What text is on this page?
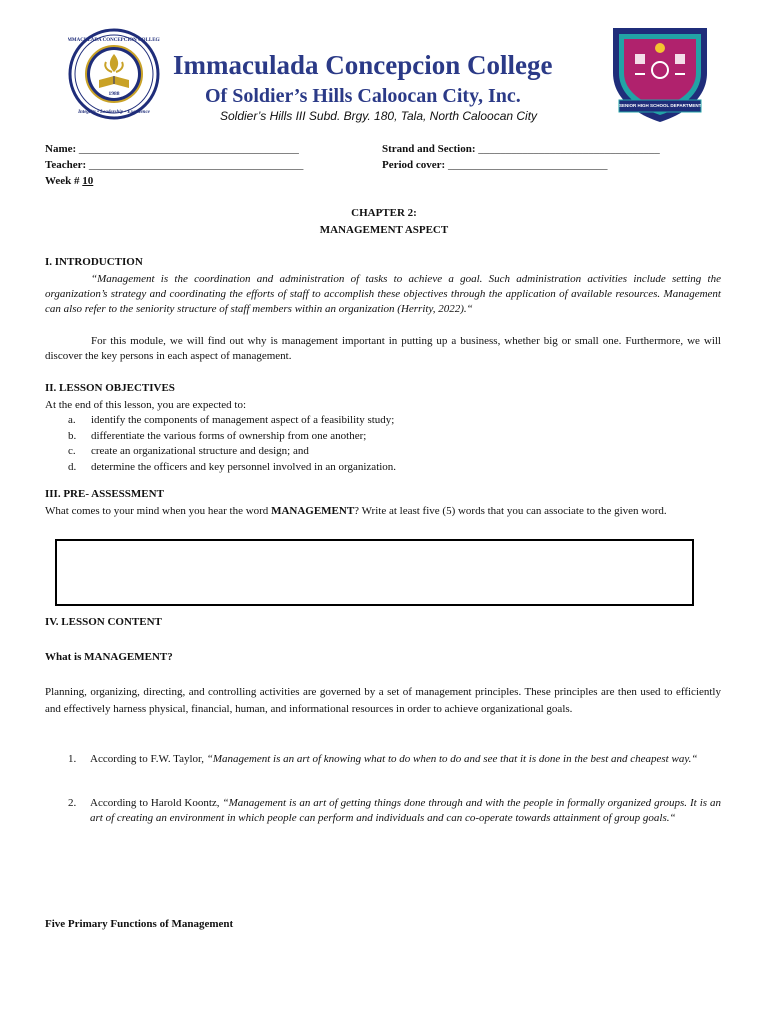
IMMACULADA CONCEPCION COLLEGE
Integrity • Leadership • Excellence
1988
Immaculada Concepcion College
Of Soldier’s Hills Caloocan City, Inc.
Soldier’s Hills III Subd. Brgy. 180, Tala, North Caloocan City
SENIOR HIGH SCHOOL DEPARTMENT
Name: ________________________________________
Teacher: _______________________________________
Week # 10
Strand and Section: _________________________________
Period cover: _____________________________
CHAPTER 2:
MANAGEMENT ASPECT
I. INTRODUCTION
“Management is the coordination and administration of tasks to achieve a goal. Such administration activities include setting the organization’s strategy and coordinating the efforts of staff to accomplish these objectives through the application of available resources. Management can also refer to the seniority structure of staff members within an organization (Herrity, 2022).“
For this module, we will find out why is management important in putting up a business, whether big or small one. Furthermore, we will discover the key persons in each aspect of management.
II. LESSON OBJECTIVES
At the end of this lesson, you are expected to:
a. identify the components of management aspect of a feasibility study;
b. differentiate the various forms of ownership from one another;
c. create an organizational structure and design; and
d. determine the officers and key personnel involved in an organization.
III. PRE- ASSESSMENT
What comes to your mind when you hear the word MANAGEMENT? Write at least five (5) words that you can associate to the given word.
IV. LESSON CONTENT
What is MANAGEMENT?
Planning, organizing, directing, and controlling activities are governed by a set of management principles. These principles are then used to efficiently and effectively harness physical, financial, human, and informational resources in order to achieve organizational goals.
1. According to F.W. Taylor, “Management is an art of knowing what to do when to do and see that it is done in the best and cheapest way.“
2. According to Harold Koontz, “Management is an art of getting things done through and with the people in formally organized groups. It is an art of creating an environment in which people can perform and individuals and can co-operate towards attainment of group goals.“
Five Primary Functions of Management
